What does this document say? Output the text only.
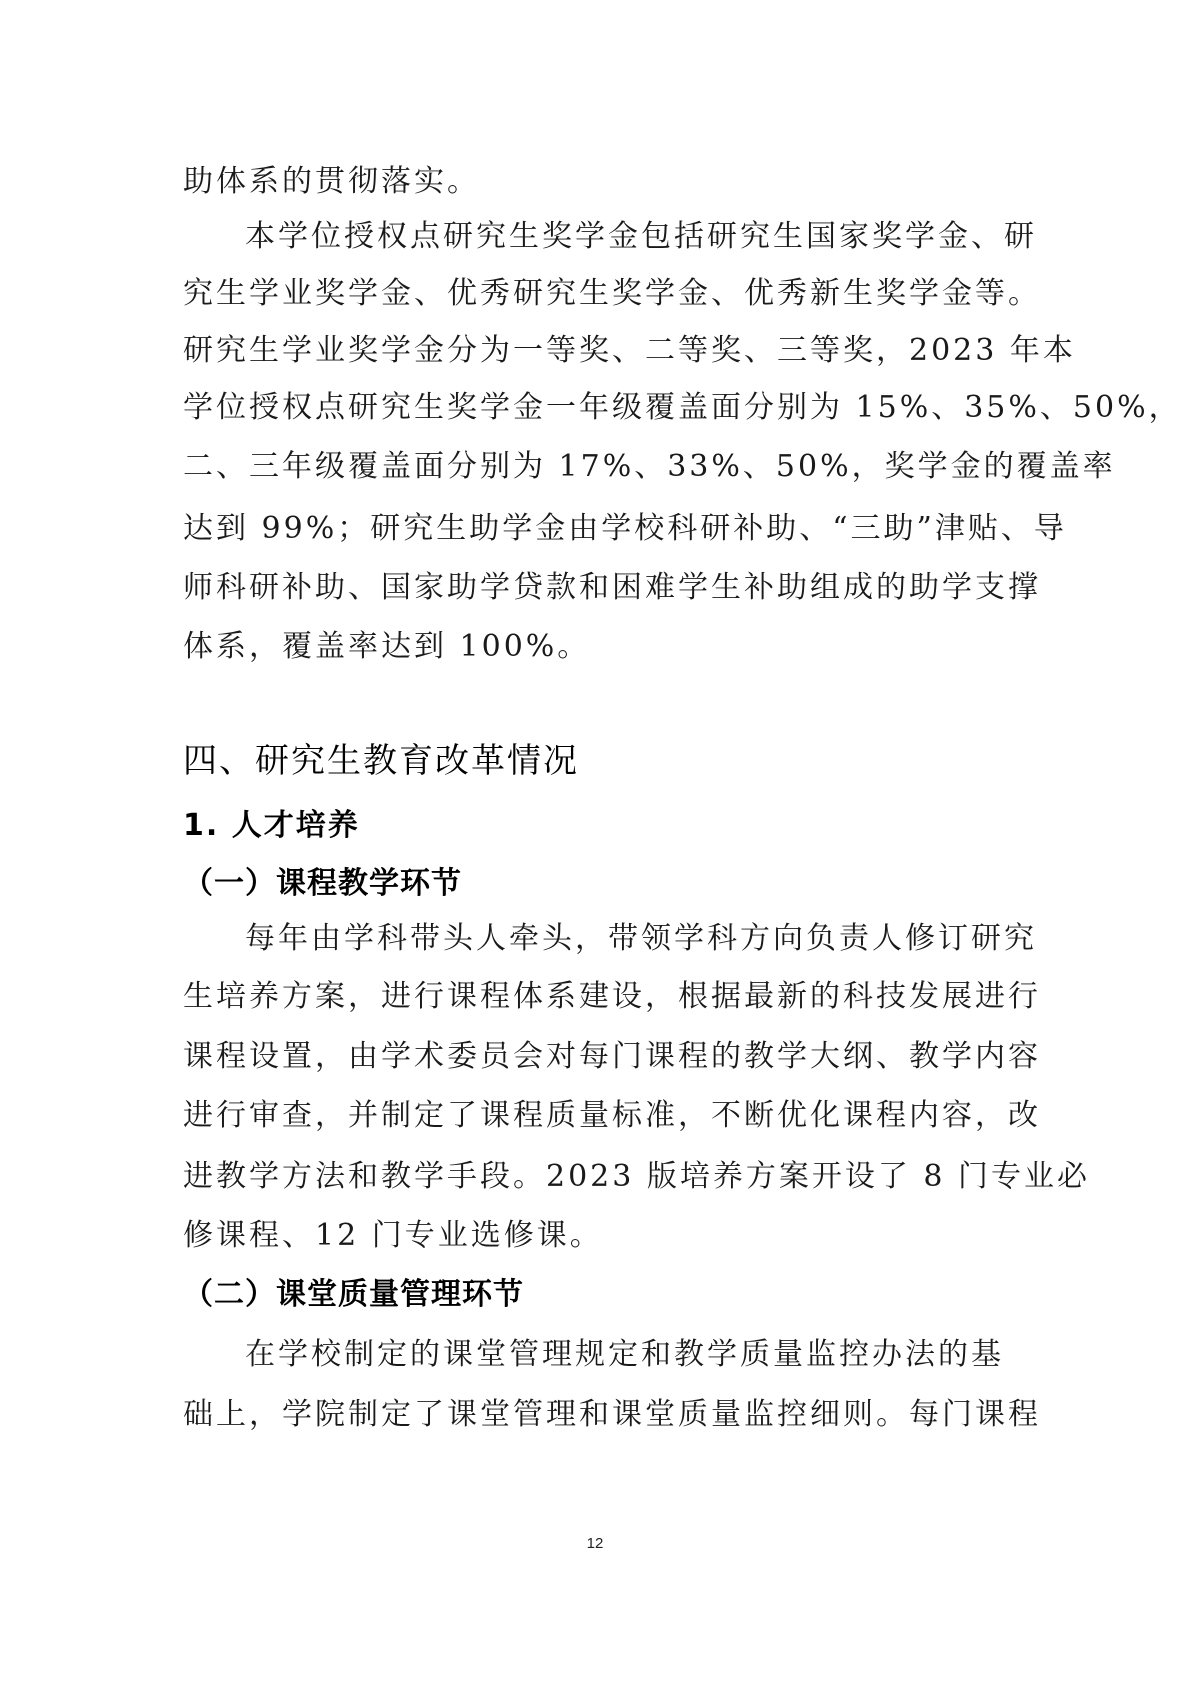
助体系的贯彻落实。
本学位授权点研究生奖学金包括研究生国家奖学金、研
究生学业奖学金、优秀研究生奖学金、优秀新生奖学金等。
研究生学业奖学金分为一等奖、二等奖、三等奖，2023 年本
学位授权点研究生奖学金一年级覆盖面分别为 15%、35%、50%，
二、三年级覆盖面分别为 17%、33%、50%，奖学金的覆盖率
达到 99%；研究生助学金由学校科研补助、“三助”津贴、导
师科研补助、国家助学贷款和困难学生补助组成的助学支撑
体系，覆盖率达到 100%。
四、研究生教育改革情况
1. 人才培养
（一）课程教学环节
每年由学科带头人牵头，带领学科方向负责人修订研究
生培养方案，进行课程体系建设，根据最新的科技发展进行
课程设置，由学术委员会对每门课程的教学大纲、教学内容
进行审查，并制定了课程质量标准，不断优化课程内容，改
进教学方法和教学手段。2023 版培养方案开设了 8 门专业必
修课程、12 门专业选修课。
（二）课堂质量管理环节
在学校制定的课堂管理规定和教学质量监控办法的基
础上，学院制定了课堂管理和课堂质量监控细则。每门课程
12
